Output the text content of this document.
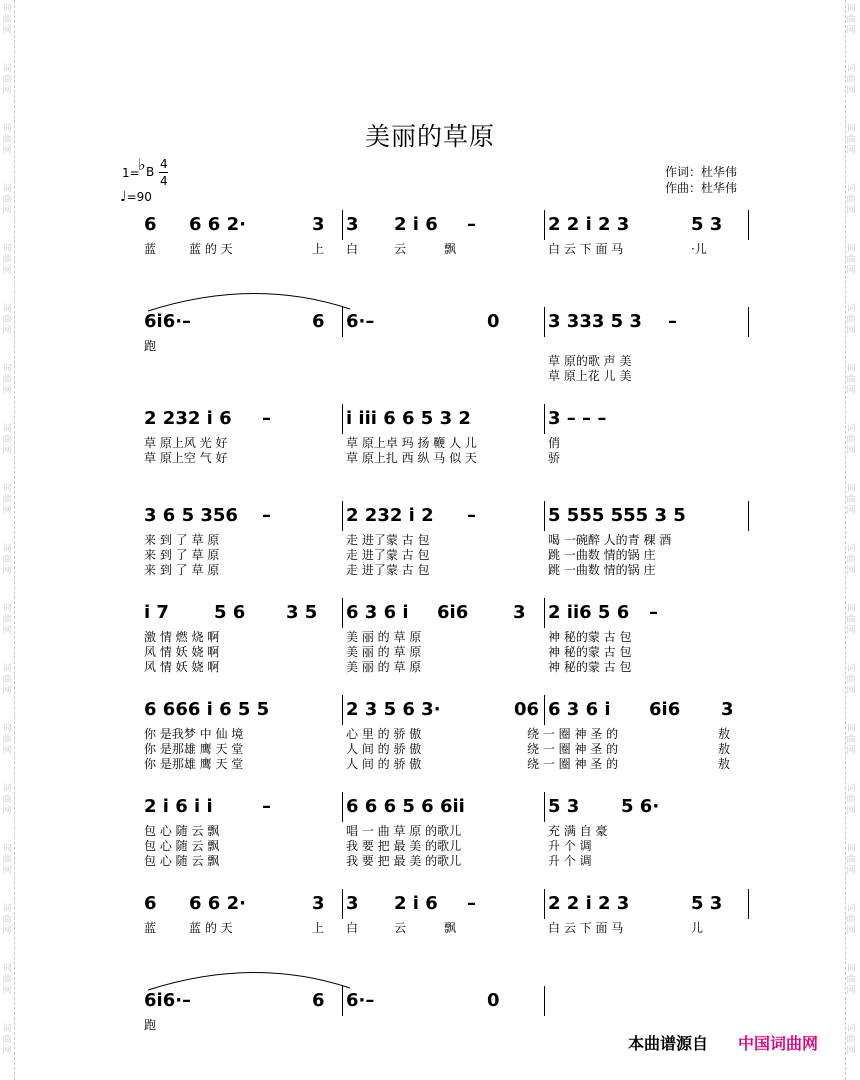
词曲网
词曲网
词曲网
词曲网
词曲网
词曲网
词曲网
词曲网
词曲网
词曲网
词曲网
词曲网
词曲网
词曲网
词曲网
词曲网
词曲网
词曲网
词曲网
词曲网
词曲网
词曲网
词曲网
词曲网
词曲网
词曲网
词曲网
词曲网
词曲网
词曲网
词曲网
词曲网
词曲网
词曲网
词曲网
词曲网
美丽的草原
1=
♭ B
4
4
♩=90
作词：杜华伟
作曲：杜华伟
6 6 6 2·	3 3 2 i 6 –	2 2 i 2 3	5 3
蓝	蓝 的 天	上 白	云	飘	白 云 下 面 马	·儿
6i6·–	6 6·–	0	3 333 5 3 –
跑
草 原的歌 声 美
草 原上花 儿 美
2 232 i 6 –	i iii 6 6 5 3 2	3 – – –
草 原上风 光 好	草 原上卓 玛 扬 鞭 人 儿	俏
草 原上空 气 好	草 原上扎 西 纵 马 似 天	骄
3 6 5 356 –	2 232 i 2 –	5 555 555 3 5
来 到 了 草 原	走 进了蒙 古 包	喝 一碗醉 人的青 稞 酒
来 到 了 草 原	走 进了蒙 古 包	跳 一曲数 情的锅 庄
来 到 了 草 原	走 进了蒙 古 包	跳 一曲数 情的锅 庄
i 7	5 6 3 5 6 3 6 i 6i6 3 2 ii6 5 6 –
激 情 燃 烧 啊	美 丽 的 草 原	神 秘的蒙 古 包
风 情 妖 娆 啊	美 丽 的 草 原	神 秘的蒙 古 包
风 情 妖 娆 啊	美 丽 的 草 原	神 秘的蒙 古 包
6 666 i 6 5 5	2 3 5 6 3·	06 6 3 6 i 6i6 3
你 是我梦 中 仙 境	心 里 的 骄 傲	绕 一 圈 神 圣 的	敖
你 是那雄 鹰 天 堂	人 间 的 骄 傲	绕 一 圈 神 圣 的	敖
你 是那雄 鹰 天 堂	人 间 的 骄 傲	绕 一 圈 神 圣 的	敖
2 i 6 i i	–	6 6 6 5 6 6ii	5 3 5 6·
包 心 随 云 飘	唱 一 曲 草 原 的歌儿	充 满 自 豪
包 心 随 云 飘	我 要 把 最 美 的歌儿	升 个 调
包 心 随 云 飘	我 要 把 最 美 的歌儿	升 个 调
6 6 6 2·	3 3 2 i 6 –	2 2 i 2 3	5 3
蓝	蓝 的 天	上 白	云	飘	白 云 下 面 马	儿
6i6·–	6 6·–	0
跑
本曲谱源自 中国词曲网
